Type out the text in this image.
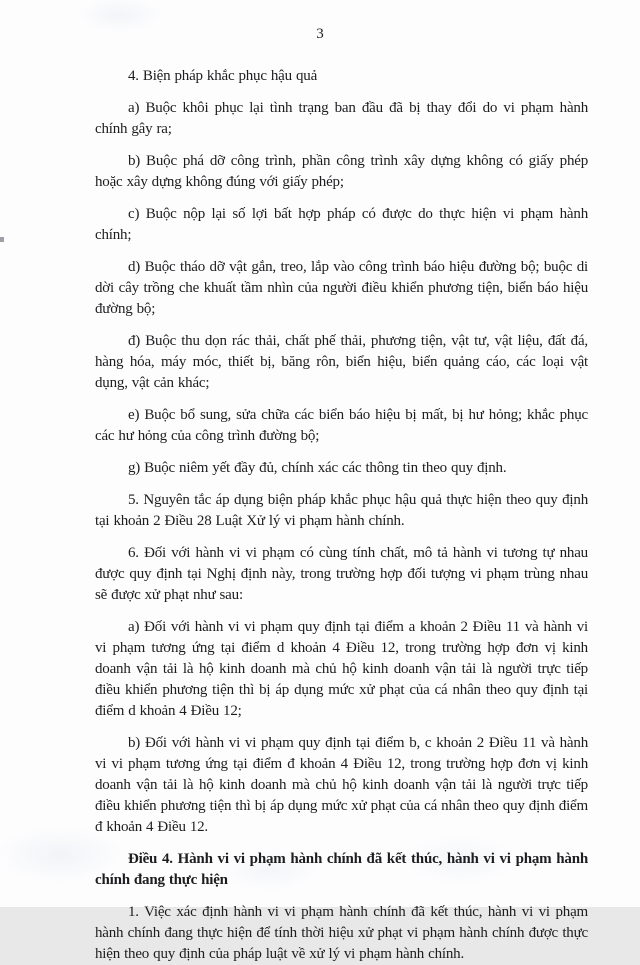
3

4. Biện pháp khắc phục hậu quả

a) Buộc khôi phục lại tình trạng ban đầu đã bị thay đổi do vi phạm hành chính gây ra;

b) Buộc phá dỡ công trình, phần công trình xây dựng không có giấy phép hoặc xây dựng không đúng với giấy phép;

c) Buộc nộp lại số lợi bất hợp pháp có được do thực hiện vi phạm hành chính;

d) Buộc tháo dỡ vật gắn, treo, lắp vào công trình báo hiệu đường bộ; buộc di dời cây trồng che khuất tầm nhìn của người điều khiển phương tiện, biển báo hiệu đường bộ;

đ) Buộc thu dọn rác thải, chất phế thải, phương tiện, vật tư, vật liệu, đất đá, hàng hóa, máy móc, thiết bị, băng rôn, biển hiệu, biển quảng cáo, các loại vật dụng, vật cản khác;

e) Buộc bổ sung, sửa chữa các biển báo hiệu bị mất, bị hư hỏng; khắc phục các hư hỏng của công trình đường bộ;

g) Buộc niêm yết đầy đủ, chính xác các thông tin theo quy định.

5. Nguyên tắc áp dụng biện pháp khắc phục hậu quả thực hiện theo quy định tại khoản 2 Điều 28 Luật Xử lý vi phạm hành chính.

6. Đối với hành vi vi phạm có cùng tính chất, mô tả hành vi tương tự nhau được quy định tại Nghị định này, trong trường hợp đối tượng vi phạm trùng nhau sẽ được xử phạt như sau:

a) Đối với hành vi vi phạm quy định tại điểm a khoản 2 Điều 11 và hành vi vi phạm tương ứng tại điểm d khoản 4 Điều 12, trong trường hợp đơn vị kinh doanh vận tải là hộ kinh doanh mà chủ hộ kinh doanh vận tải là người trực tiếp điều khiển phương tiện thì bị áp dụng mức xử phạt của cá nhân theo quy định tại điểm d khoản 4 Điều 12;

b) Đối với hành vi vi phạm quy định tại điểm b, c khoản 2 Điều 11 và hành vi vi phạm tương ứng tại điểm đ khoản 4 Điều 12, trong trường hợp đơn vị kinh doanh vận tải là hộ kinh doanh mà chủ hộ kinh doanh vận tải là người trực tiếp điều khiển phương tiện thì bị áp dụng mức xử phạt của cá nhân theo quy định điểm đ khoản 4 Điều 12.

Điều 4. Hành vi vi phạm hành chính đã kết thúc, hành vi vi phạm hành chính đang thực hiện

1. Việc xác định hành vi vi phạm hành chính đã kết thúc, hành vi vi phạm hành chính đang thực hiện để tính thời hiệu xử phạt vi phạm hành chính được thực hiện theo quy định của pháp luật về xử lý vi phạm hành chính.
